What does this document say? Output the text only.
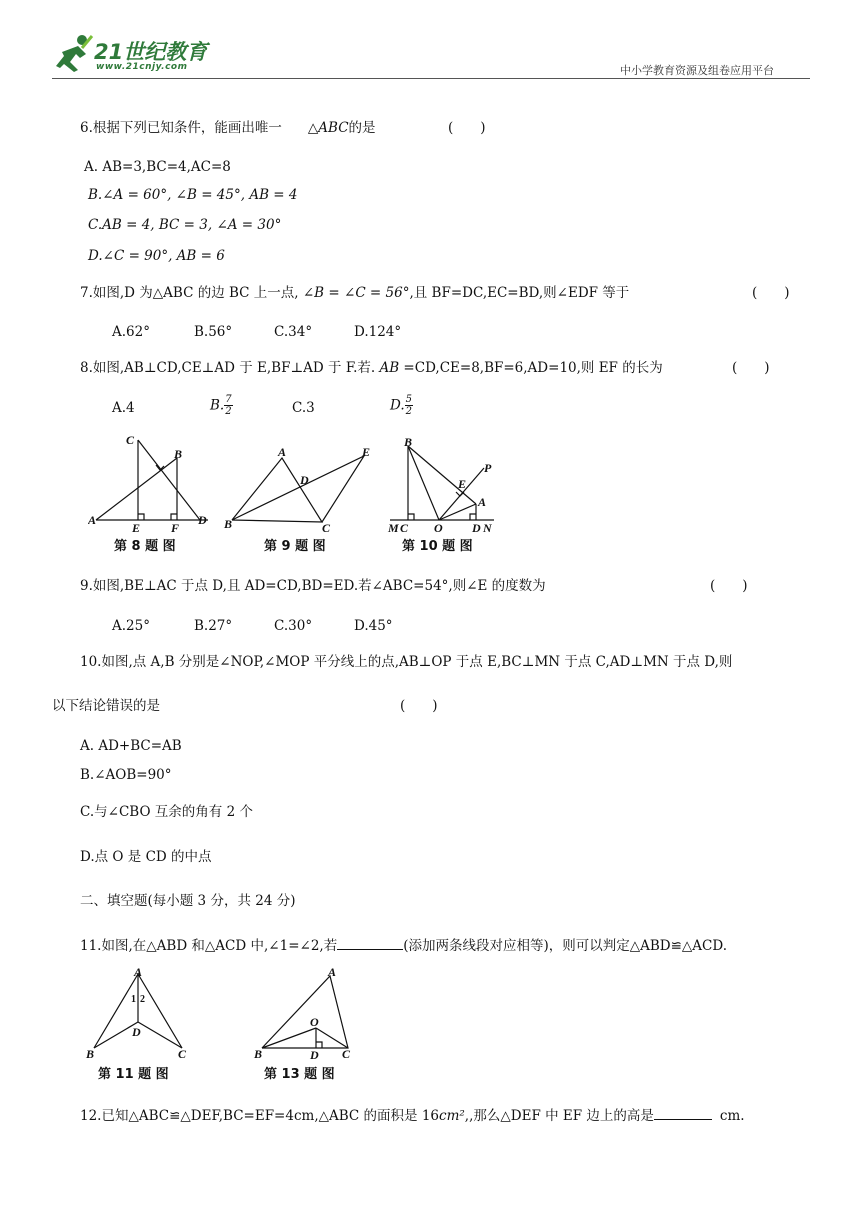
21世纪教育
www.21cnjy.com	中小学教育资源及组卷应用平台
6.根据下列已知条件，能画出唯一 △ABC的是	(　　)
A. AB=3,BC=4,AC=8
B.∠A = 60°, ∠B = 45°, AB = 4
C.AB = 4, BC = 3, ∠A = 30°
D.∠C = 90°, AB = 6
7.如图,D 为△ABC 的边 BC 上一点, ∠B = ∠C = 56°,且 BF=DC,EC=BD,则∠EDF 等于	(　　)
A.62°	B.56°	C.34°	D.124°
8.如图,AB⊥CD,CE⊥AD 于 E,BF⊥AD 于 F.若. AB =CD,CE=8,BF=6,AD=10,则 EF 的长为	(　　)
A.4	B. $\frac{7}{2}$	C.3	D. $\frac{5}{2}$
C
B
A
E	F
D
第 8 题 图
A	E
D
B	C
第 9 题 图
B
P
E
A
M C O D N
第 10 题 图
9.如图,BE⊥AC 于点 D,且 AD=CD,BD=ED.若∠ABC=54°,则∠E 的度数为	(　　)
A.25°	B.27°	C.30°	D.45°
10.如图,点 A,B 分别是∠NOP,∠MOP 平分线上的点,AB⊥OP 于点 E,BC⊥MN 于点 C,AD⊥MN 于点 D,则
以下结论错误的是	(　　)
A. AD+BC=AB
B.∠AOB=90°
C.与∠CBO 互余的角有 2 个
D.点 O 是 CD 的中点
二、填空题(每小题 3 分，共 24 分)
11.如图,在△ABD 和△ACD 中,∠1=∠2,若	(添加两条线段对应相等)，则可以判定△ABD≌△ACD.
A
1 2
D
B	C
第 11 题 图
A
O
B	D C
第 13 题 图
12.已知△ABC≌△DEF,BC=EF=4cm,△ABC 的面积是 16cm²,,那么△DEF 中 EF 边上的高是	cm.
